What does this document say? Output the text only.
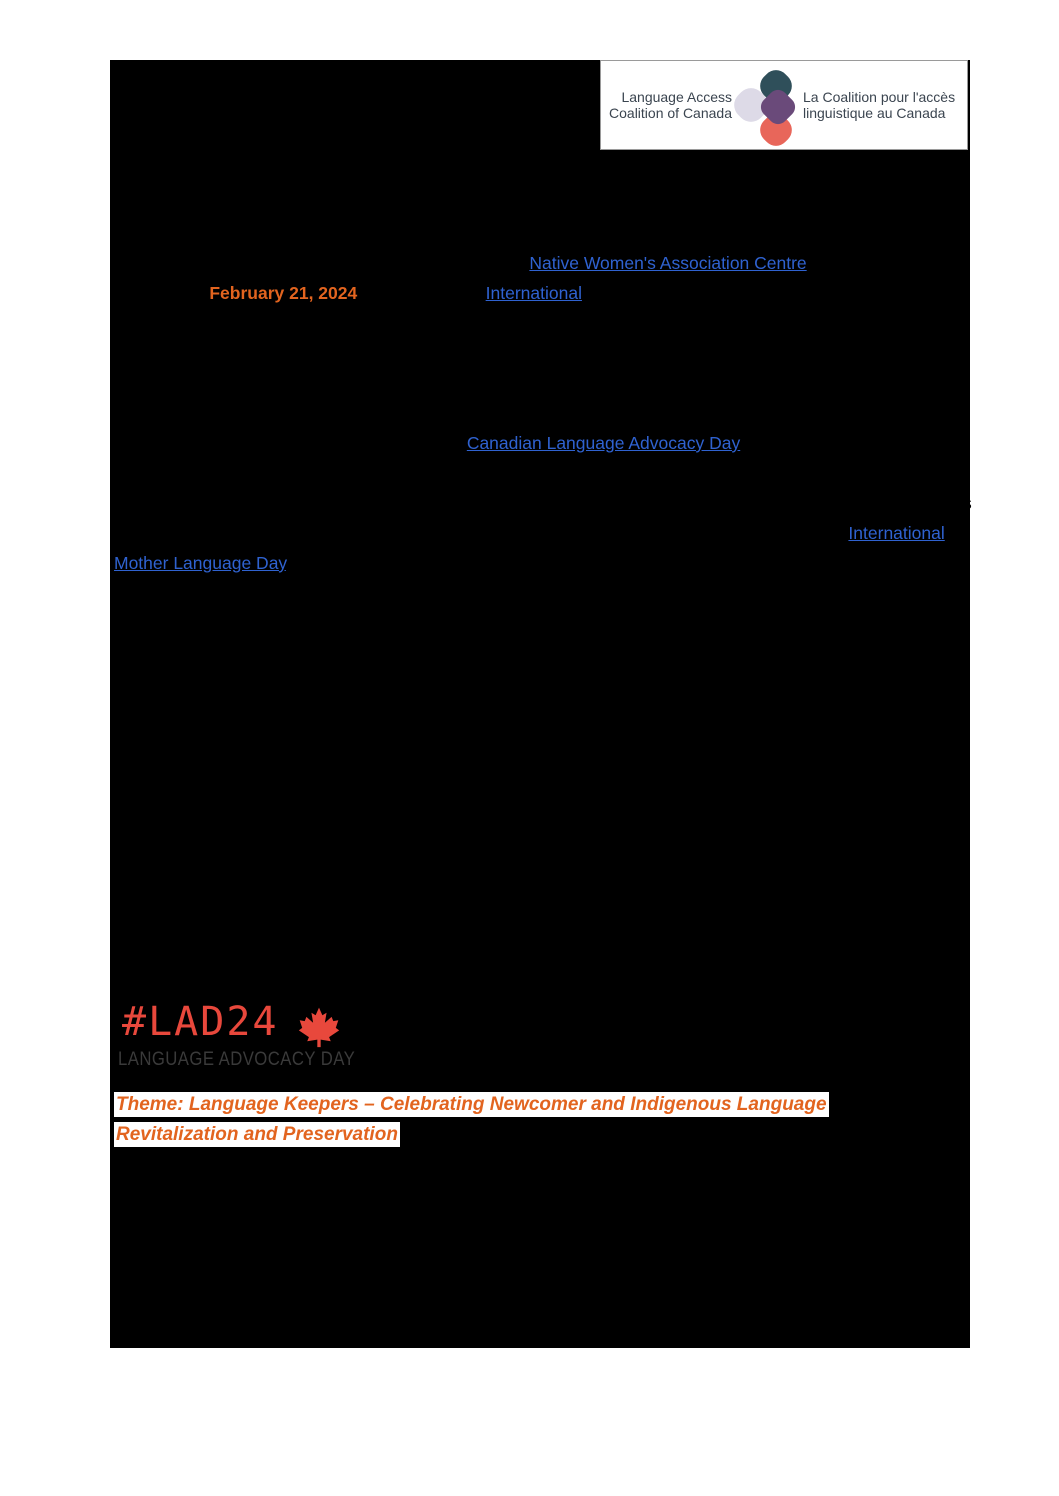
Language Access
Coalition of Canada
La Coalition pour l'accès
linguistique au Canada

You are invited to join us for the fourth in-person Language Advocacy Day Canada (LAD24) event, proudly hosted by the Language Access Coalition of Canada (LACC). This inspiring gathering of language advocates and service providers will take place at the esteemed Native Women's Association Centre in Gatineau, Quebec, on February 21, 2024, coinciding with International Mother Language Day, and followed by a virtual day of action on Canadian Language Advocacy Day, February 22nd, 2024.

Founded in 2021 to advance linguistic equity and inclusivity across Canada while fostering understanding and cooperation among diverse linguistic communities, the LACC has been playing a pivotal role in promoting Canadian language diversity. February 22nd, Canadian Language Advocacy Day (LAD) is envisioned as an annual platform for celebrating the rich, multilingual Canadian tapestry. This year's focus is on language revitalization, both on the profound histories and vast knowledge of Indigenous languages as well as the efforts to promote mother languages in newcomer linguistic communities. Against the backdrop of the International Mother Language Day, participants will engage in enlightening discussions that underscore the critical need for access to and preservation of all languages while interacting with a vast network of language advocates and service providers addressing the industry's changing needs and emerging opportunities.

As we gather to honour and cherish the linguistic wealth of our communities, LAD24 promises to be a day of not only reflection and appreciation but also our collective commitment to fostering an inclusive, multilingual Canada.

Join us for this unique, by-invitation opportunity to be a champion of language access and advocate for an inclusive, linguistically diverse future of Canada!

#LAD24
LANGUAGE ADVOCACY DAY
Theme: Language Keepers – Celebrating Newcomer and Indigenous Language Revitalization and Preservation
